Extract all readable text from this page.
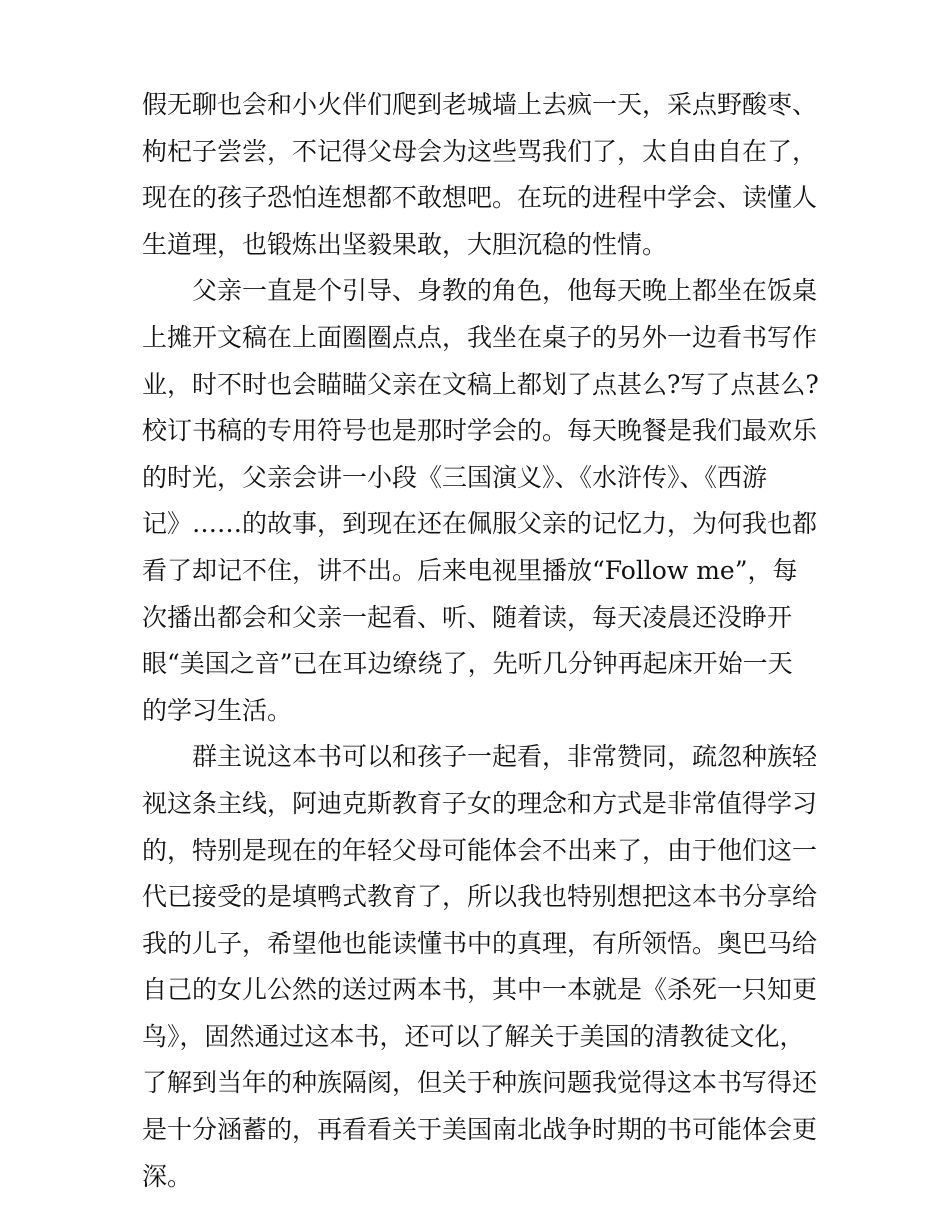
假无聊也会和小火伴们爬到老城墙上去疯一天，采点野酸枣、
枸杞子尝尝，不记得父母会为这些骂我们了，太自由自在了，
现在的孩子恐怕连想都不敢想吧。在玩的进程中学会、读懂人
生道理，也锻炼出坚毅果敢，大胆沉稳的性情。
父亲一直是个引导、身教的角色，他每天晚上都坐在饭桌
上摊开文稿在上面圈圈点点，我坐在桌子的另外一边看书写作
业，时不时也会瞄瞄父亲在文稿上都划了点甚么?写了点甚么?
校订书稿的专用符号也是那时学会的。每天晚餐是我们最欢乐
的时光，父亲会讲一小段《三国演义》、《水浒传》、《西游
记》……的故事，到现在还在佩服父亲的记忆力，为何我也都
看了却记不住，讲不出。后来电视里播放“Follow me”，每
次播出都会和父亲一起看、听、随着读，每天凌晨还没睁开
眼“美国之音”已在耳边缭绕了，先听几分钟再起床开始一天
的学习生活。
群主说这本书可以和孩子一起看，非常赞同，疏忽种族轻
视这条主线，阿迪克斯教育子女的理念和方式是非常值得学习
的，特别是现在的年轻父母可能体会不出来了，由于他们这一
代已接受的是填鸭式教育了，所以我也特别想把这本书分享给
我的儿子，希望他也能读懂书中的真理，有所领悟。奥巴马给
自己的女儿公然的送过两本书，其中一本就是《杀死一只知更
鸟》，固然通过这本书，还可以了解关于美国的清教徒文化，
了解到当年的种族隔阂，但关于种族问题我觉得这本书写得还
是十分涵蓄的，再看看关于美国南北战争时期的书可能体会更
深。
